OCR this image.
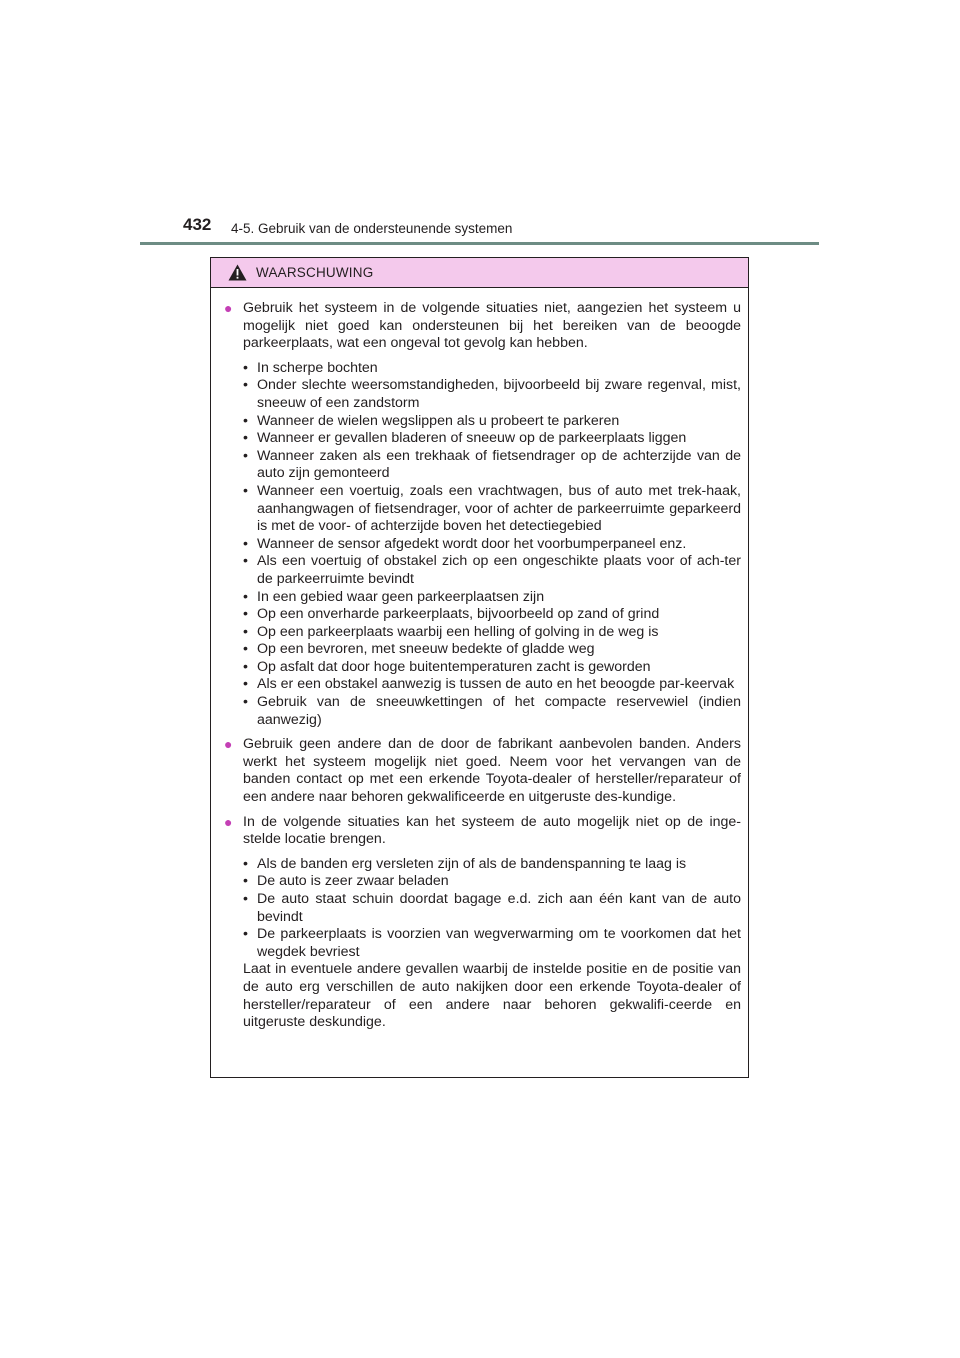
432 4-5. Gebruik van de ondersteunende systemen
WAARSCHUWING
● Gebruik het systeem in de volgende situaties niet, aangezien het systeem u mogelijk niet goed kan ondersteunen bij het bereiken van de beoogde parkeerplaats, wat een ongeval tot gevolg kan hebben.
• In scherpe bochten
• Onder slechte weersomstandigheden, bijvoorbeeld bij zware regenval, mist, sneeuw of een zandstorm
• Wanneer de wielen wegslippen als u probeert te parkeren
• Wanneer er gevallen bladeren of sneeuw op de parkeerplaats liggen
• Wanneer zaken als een trekhaak of fietsendrager op de achterzijde van de auto zijn gemonteerd
• Wanneer een voertuig, zoals een vrachtwagen, bus of auto met trek-haak, aanhangwagen of fietsendrager, voor of achter de parkeerruimte geparkeerd is met de voor- of achterzijde boven het detectiegebied
• Wanneer de sensor afgedekt wordt door het voorbumperpaneel enz.
• Als een voertuig of obstakel zich op een ongeschikte plaats voor of ach-ter de parkeerruimte bevindt
• In een gebied waar geen parkeerplaatsen zijn
• Op een onverharde parkeerplaats, bijvoorbeeld op zand of grind
• Op een parkeerplaats waarbij een helling of golving in de weg is
• Op een bevroren, met sneeuw bedekte of gladde weg
• Op asfalt dat door hoge buitentemperaturen zacht is geworden
• Als er een obstakel aanwezig is tussen de auto en het beoogde par-keervak
• Gebruik van de sneeuwkettingen of het compacte reservewiel (indien aanwezig)
● Gebruik geen andere dan de door de fabrikant aanbevolen banden. Anders werkt het systeem mogelijk niet goed. Neem voor het vervangen van de banden contact op met een erkende Toyota-dealer of hersteller/reparateur of een andere naar behoren gekwalificeerde en uitgeruste des-kundige.
● In de volgende situaties kan het systeem de auto mogelijk niet op de inge-stelde locatie brengen.
• Als de banden erg versleten zijn of als de bandenspanning te laag is
• De auto is zeer zwaar beladen
• De auto staat schuin doordat bagage e.d. zich aan één kant van de auto bevindt
• De parkeerplaats is voorzien van wegverwarming om te voorkomen dat het wegdek bevriest
Laat in eventuele andere gevallen waarbij de instelde positie en de positie van de auto erg verschillen de auto nakijken door een erkende Toyota-dealer of hersteller/reparateur of een andere naar behoren gekwalifi-ceerde en uitgeruste deskundige.
